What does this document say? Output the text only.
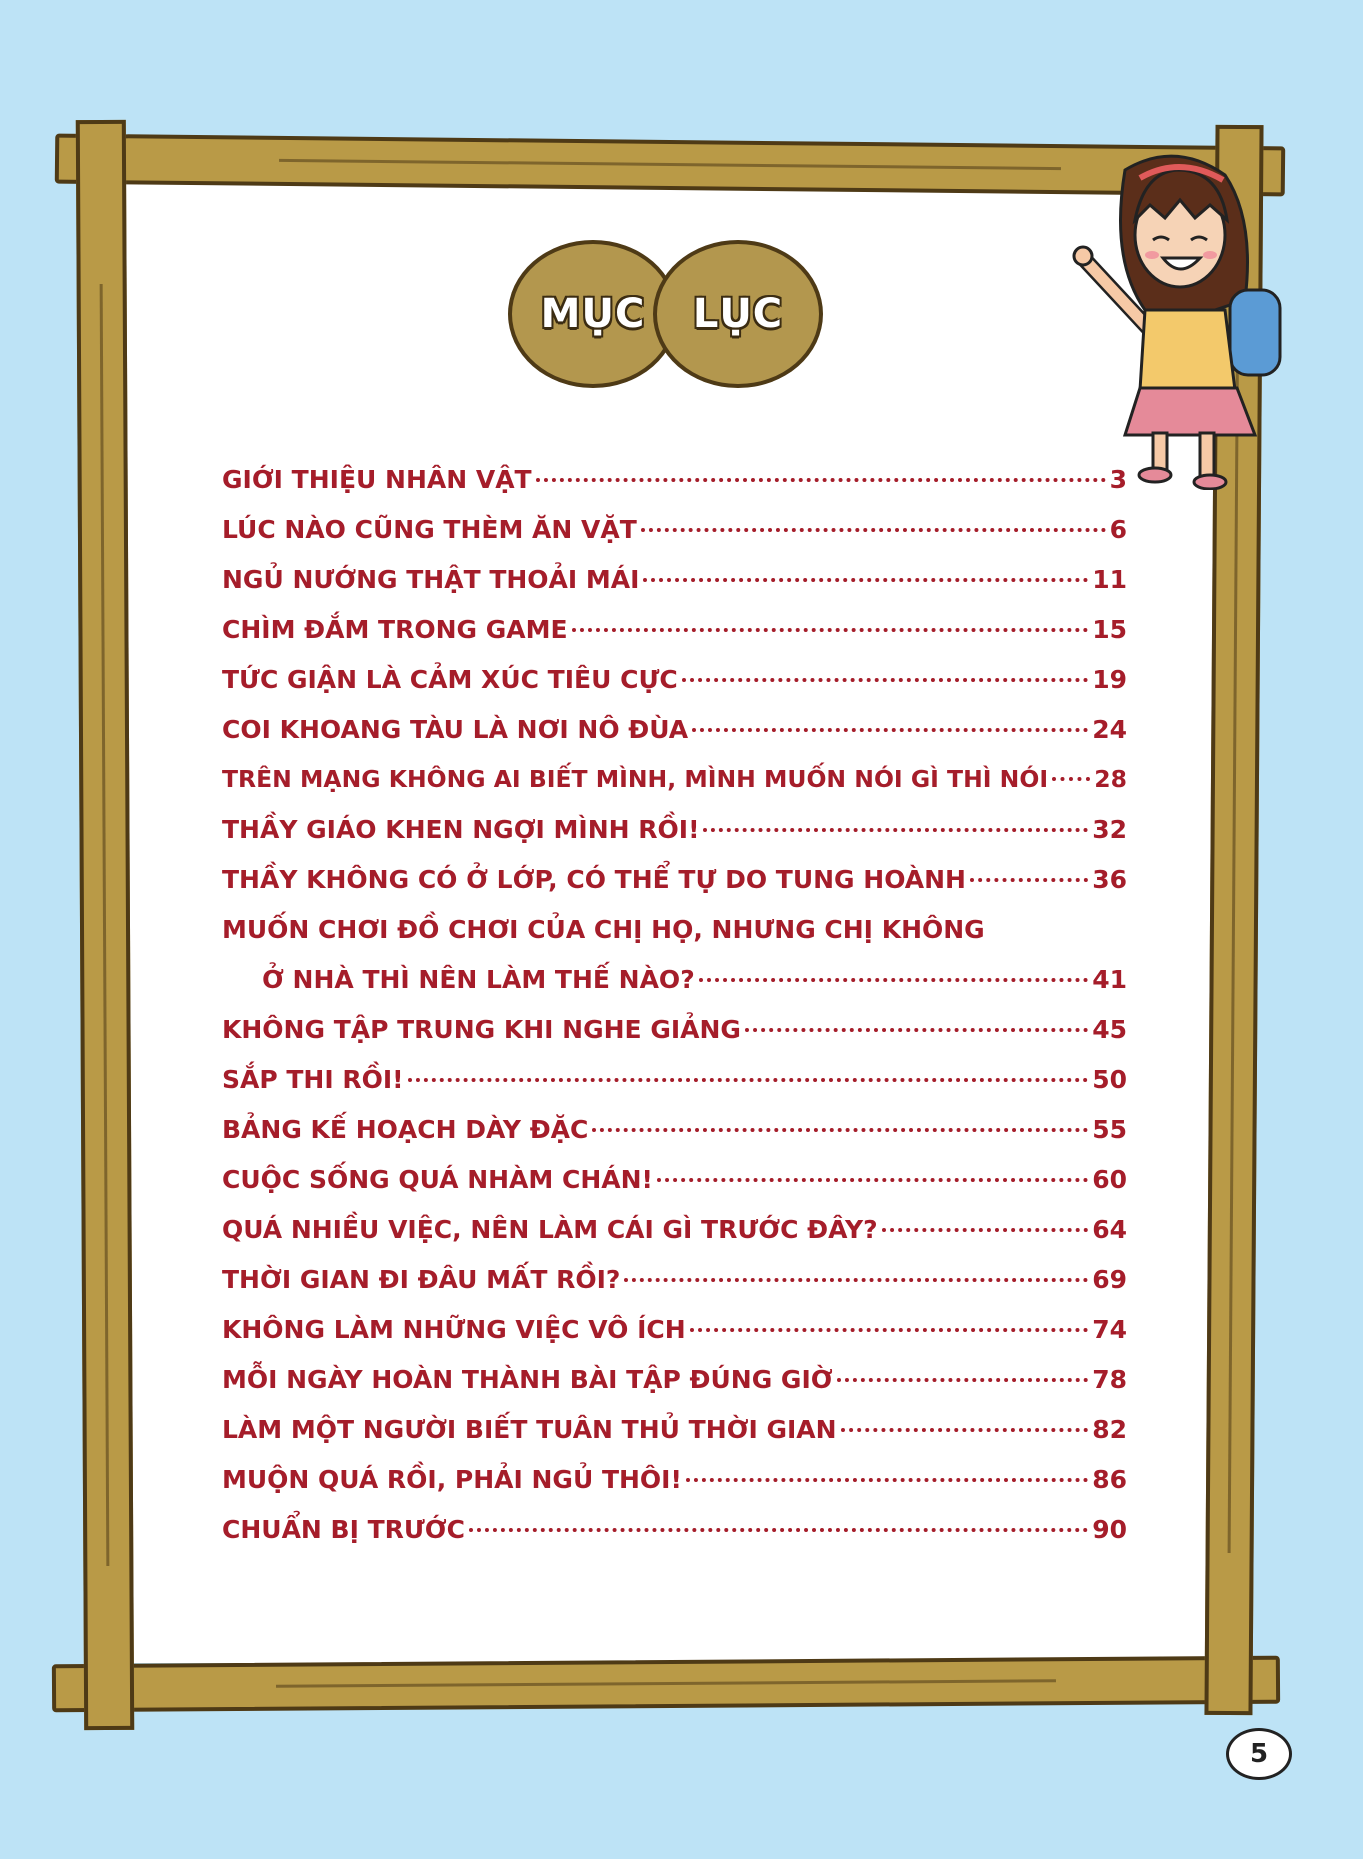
MỤC LỤC
GIỚI THIỆU NHÂN VẬT	3
LÚC NÀO CŨNG THÈM ĂN VẶT	6
NGỦ NƯỚNG THẬT THOẢI MÁI	11
CHÌM ĐẮM TRONG GAME	15
TỨC GIẬN LÀ CẢM XÚC TIÊU CỰC	19
COI KHOANG TÀU LÀ NƠI NÔ ĐÙA	24
TRÊN MẠNG KHÔNG AI BIẾT MÌNH, MÌNH MUỐN NÓI GÌ THÌ NÓI 28
THẦY GIÁO KHEN NGỢI MÌNH RỒI!	32
THẦY KHÔNG CÓ Ở LỚP, CÓ THỂ TỰ DO TUNG HOÀNH	36
MUỐN CHƠI ĐỒ CHƠI CỦA CHỊ HỌ, NHƯNG CHỊ KHÔNG
Ở NHÀ THÌ NÊN LÀM THẾ NÀO?	41
KHÔNG TẬP TRUNG KHI NGHE GIẢNG	45
SẮP THI RỒI!	50
BẢNG KẾ HOẠCH DÀY ĐẶC	55
CUỘC SỐNG QUÁ NHÀM CHÁN!	60
QUÁ NHIỀU VIỆC, NÊN LÀM CÁI GÌ TRƯỚC ĐÂY?	64
THỜI GIAN ĐI ĐÂU MẤT RỒI?	69
KHÔNG LÀM NHỮNG VIỆC VÔ ÍCH	74
MỖI NGÀY HOÀN THÀNH BÀI TẬP ĐÚNG GIỜ	78
LÀM MỘT NGƯỜI BIẾT TUÂN THỦ THỜI GIAN	82
MUỘN QUÁ RỒI, PHẢI NGỦ THÔI!	86
CHUẨN BỊ TRƯỚC	90
5
